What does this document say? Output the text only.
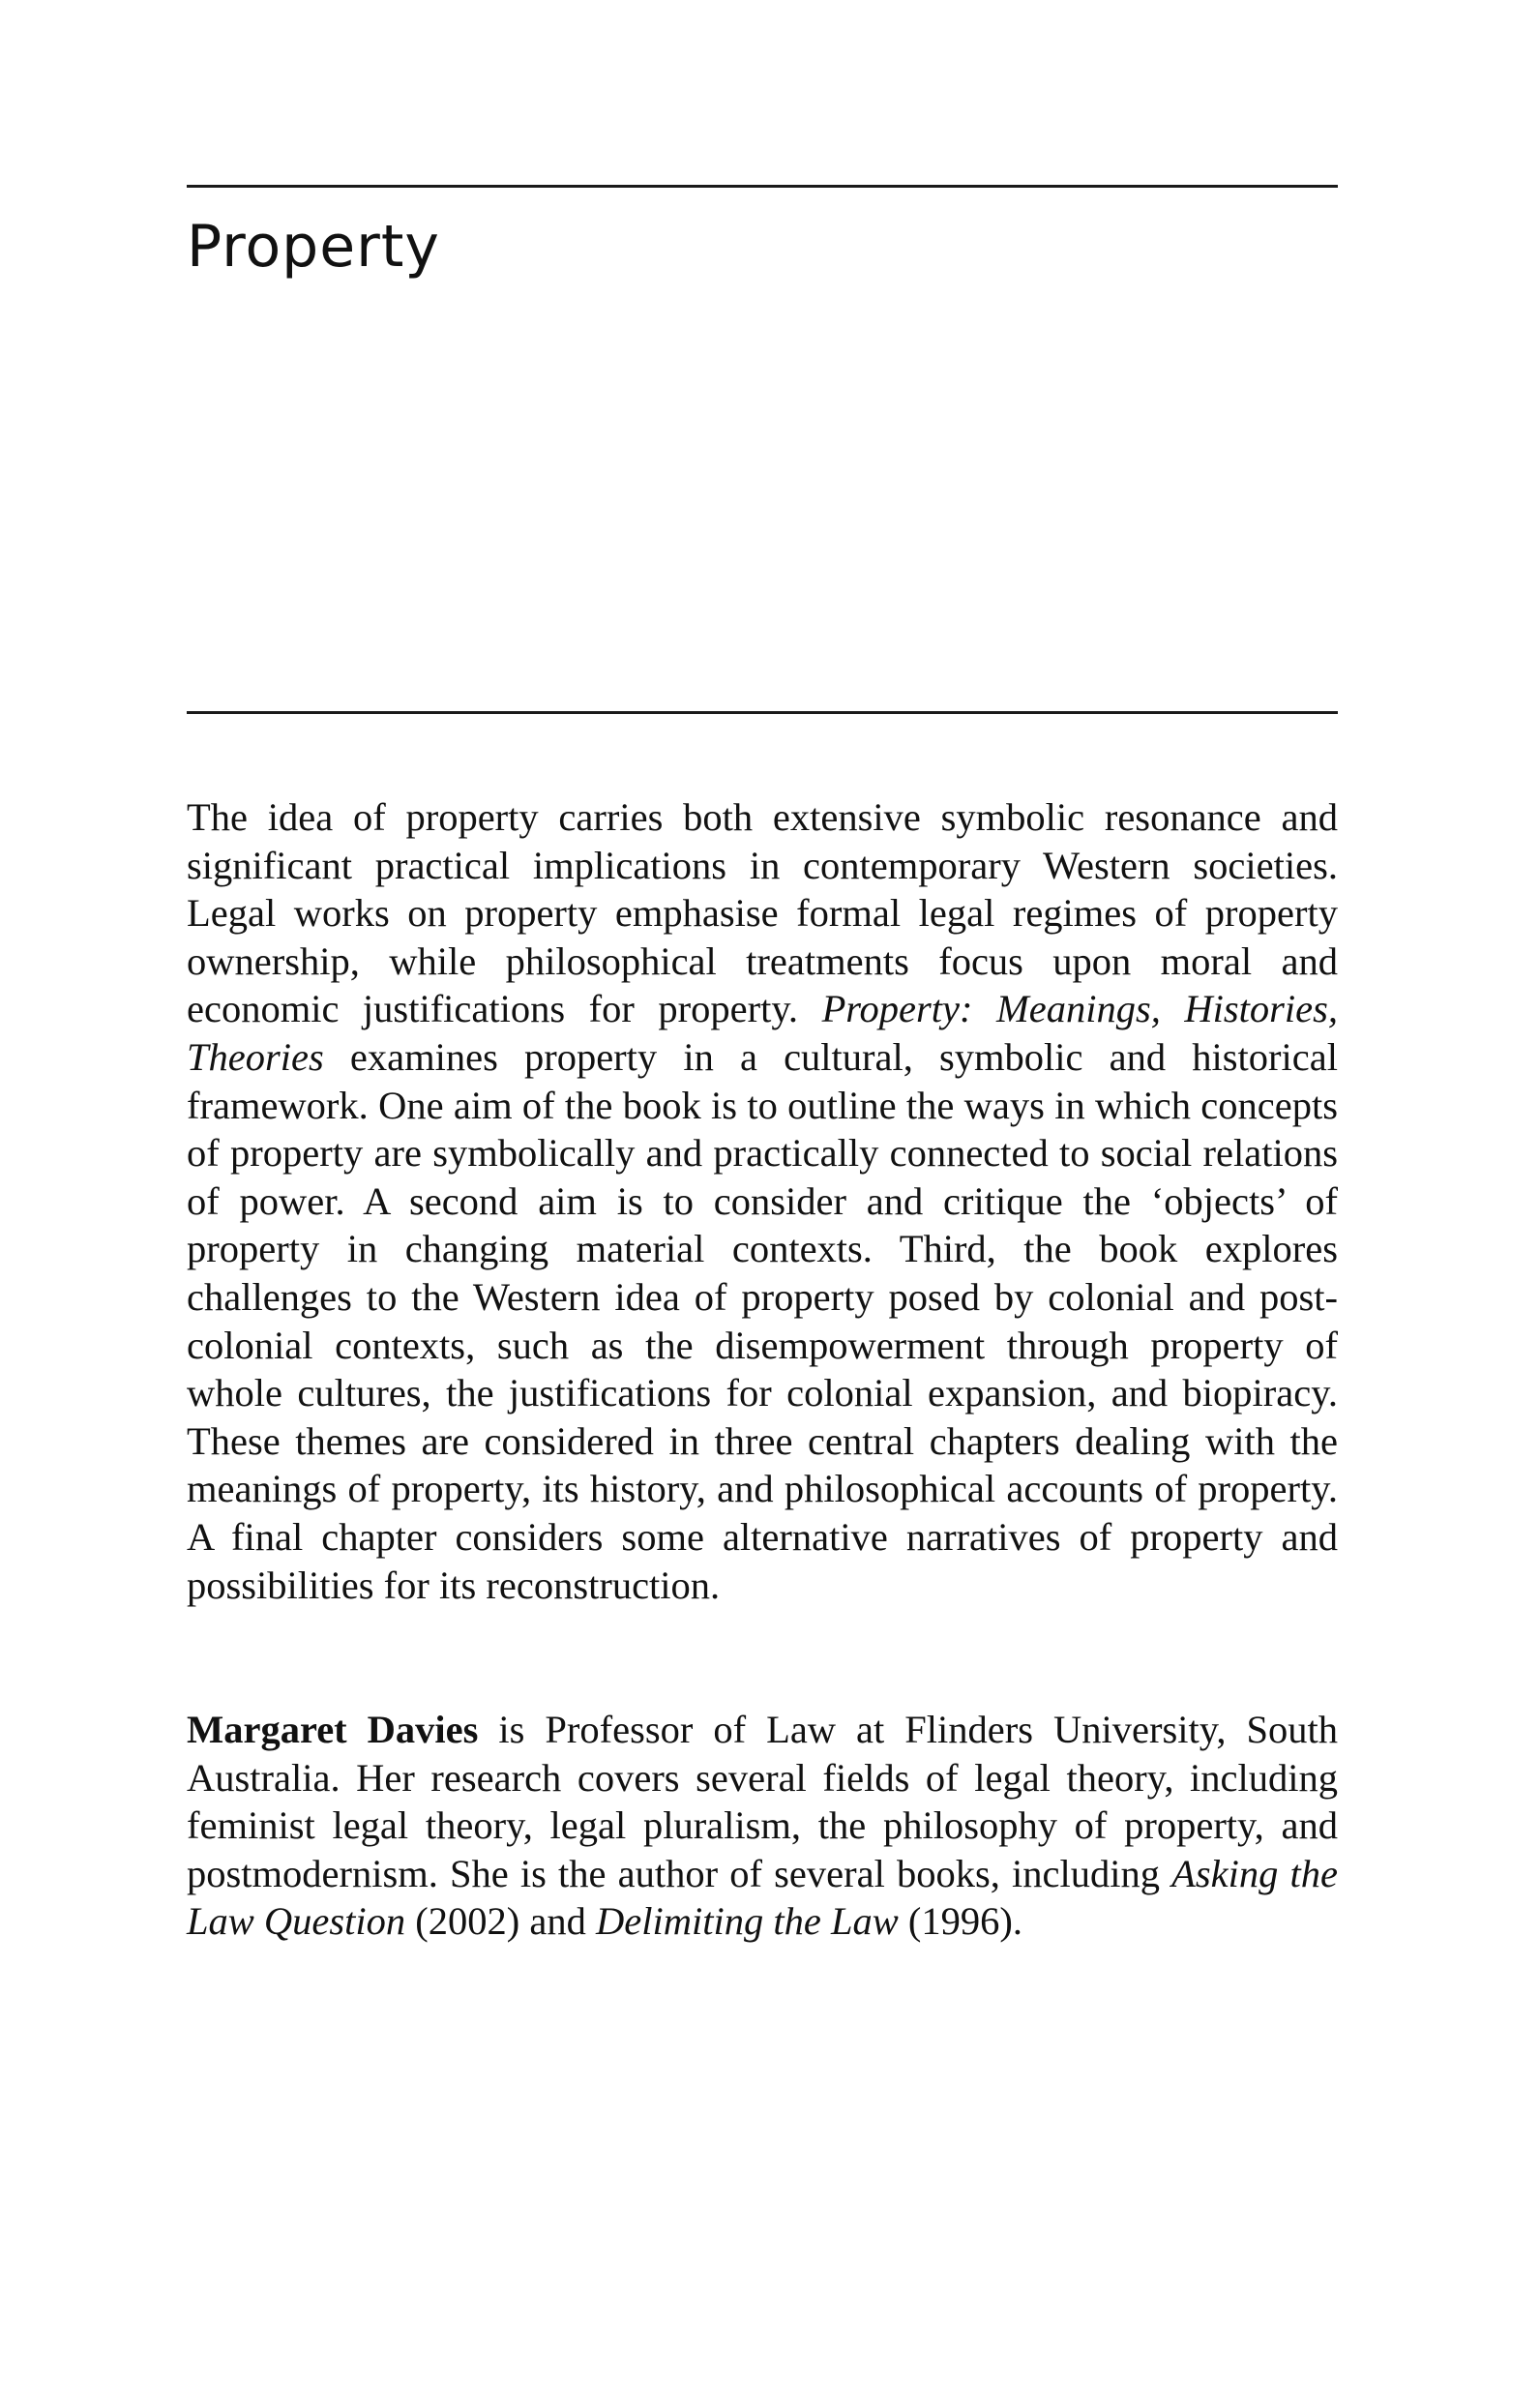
Property

The idea of property carries both extensive symbolic resonance and significant practical implications in contemporary Western societies. Legal works on property emphasise formal legal regimes of property ownership, while philosophical treatments focus upon moral and economic justifications for property. Property: Meanings, Histories, Theories examines property in a cultural, symbolic and historical framework. One aim of the book is to outline the ways in which concepts of property are symbolically and practically connected to social relations of power. A second aim is to consider and critique the ‘objects’ of property in changing material contexts. Third, the book explores challenges to the Western idea of property posed by colonial and post-colonial contexts, such as the disempowerment through property of whole cultures, the justifications for colonial expansion, and biopiracy. These themes are considered in three central chapters dealing with the meanings of property, its history, and philosophical accounts of property. A final chapter considers some alternative narratives of property and possibilities for its reconstruction.

Margaret Davies is Professor of Law at Flinders University, South Australia. Her research covers several fields of legal theory, including feminist legal theory, legal pluralism, the philosophy of property, and postmodernism. She is the author of several books, including Asking the Law Question (2002) and Delimiting the Law (1996).
